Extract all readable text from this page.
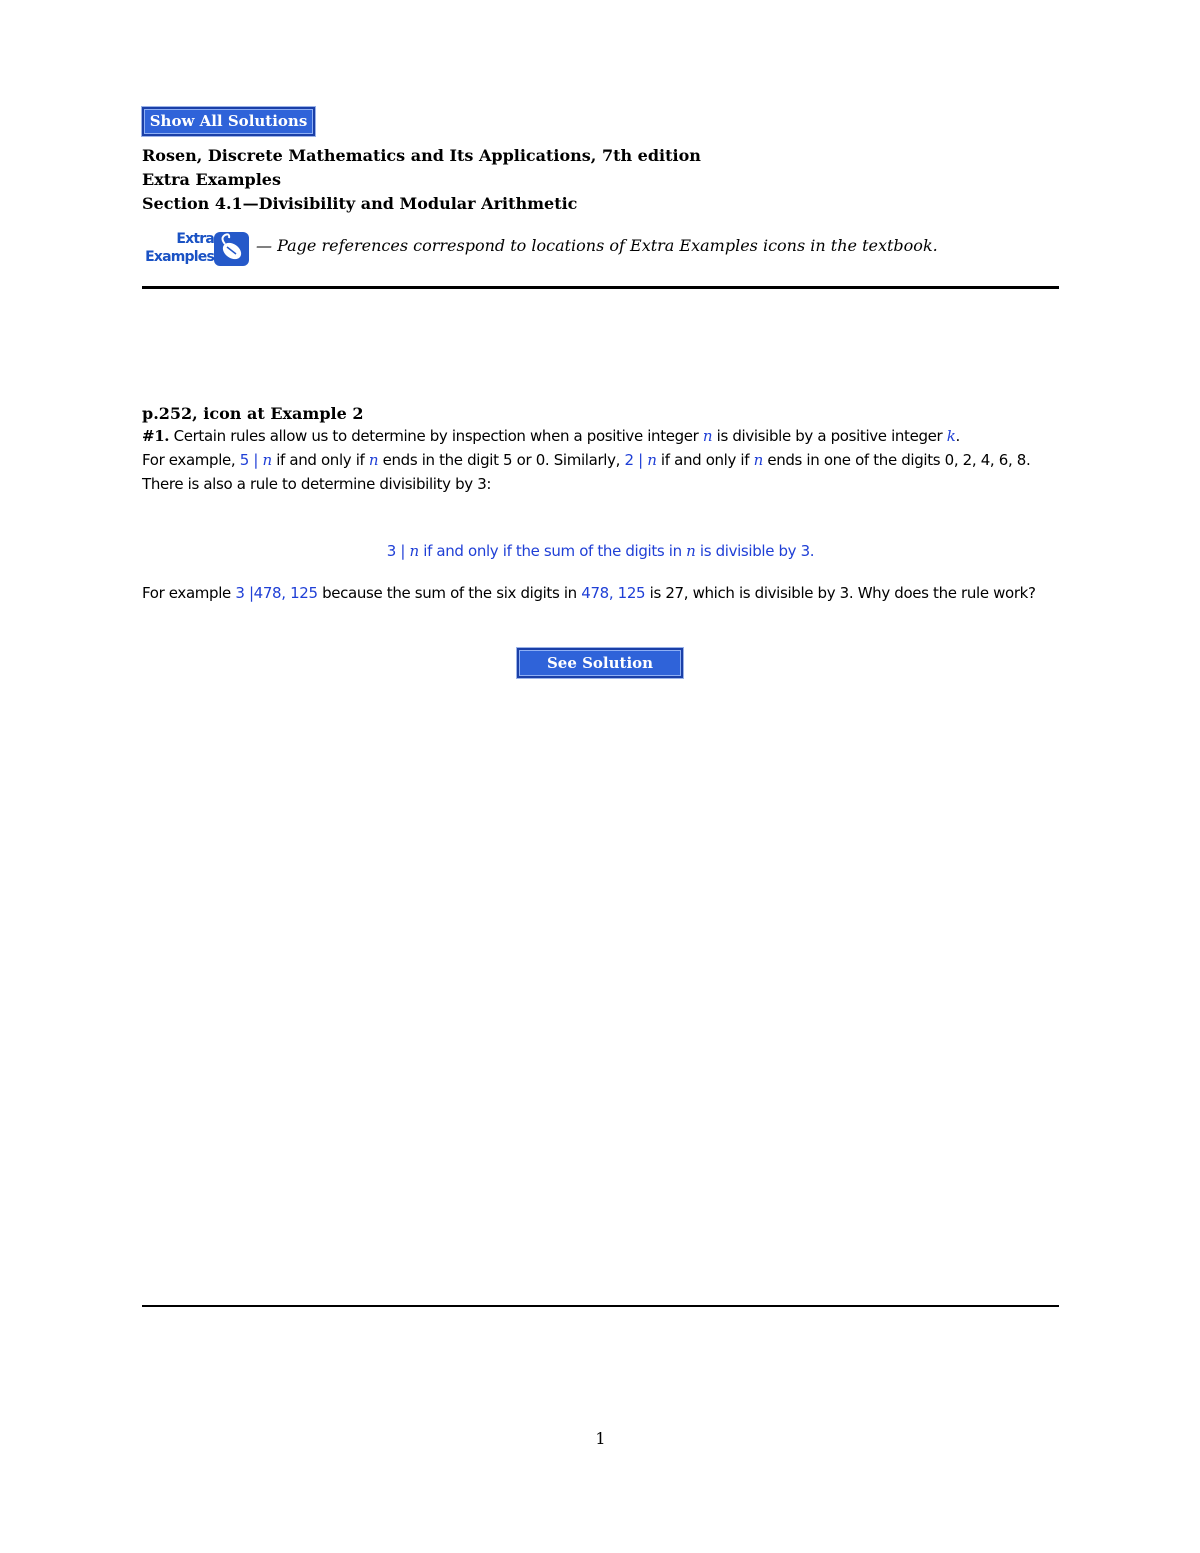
Show All Solutions
Rosen, Discrete Mathematics and Its Applications, 7th edition
Extra Examples
Section 4.1—Divisibility and Modular Arithmetic
Extra
Examples
— Page references correspond to locations of Extra Examples icons in the textbook.
p.252, icon at Example 2

#1. Certain rules allow us to determine by inspection when a positive integer n is divisible by a positive integer k.
For example, 5 | n if and only if n ends in the digit 5 or 0. Similarly, 2 | n if and only if n ends in one of the digits 0, 2, 4, 6, 8.

There is also a rule to determine divisibility by 3:

3 | n if and only if the sum of the digits in n is divisible by 3.
For example 3 |478, 125 because the sum of the six digits in 478, 125 is 27, which is divisible by 3. Why does the rule work?
See Solution
1
